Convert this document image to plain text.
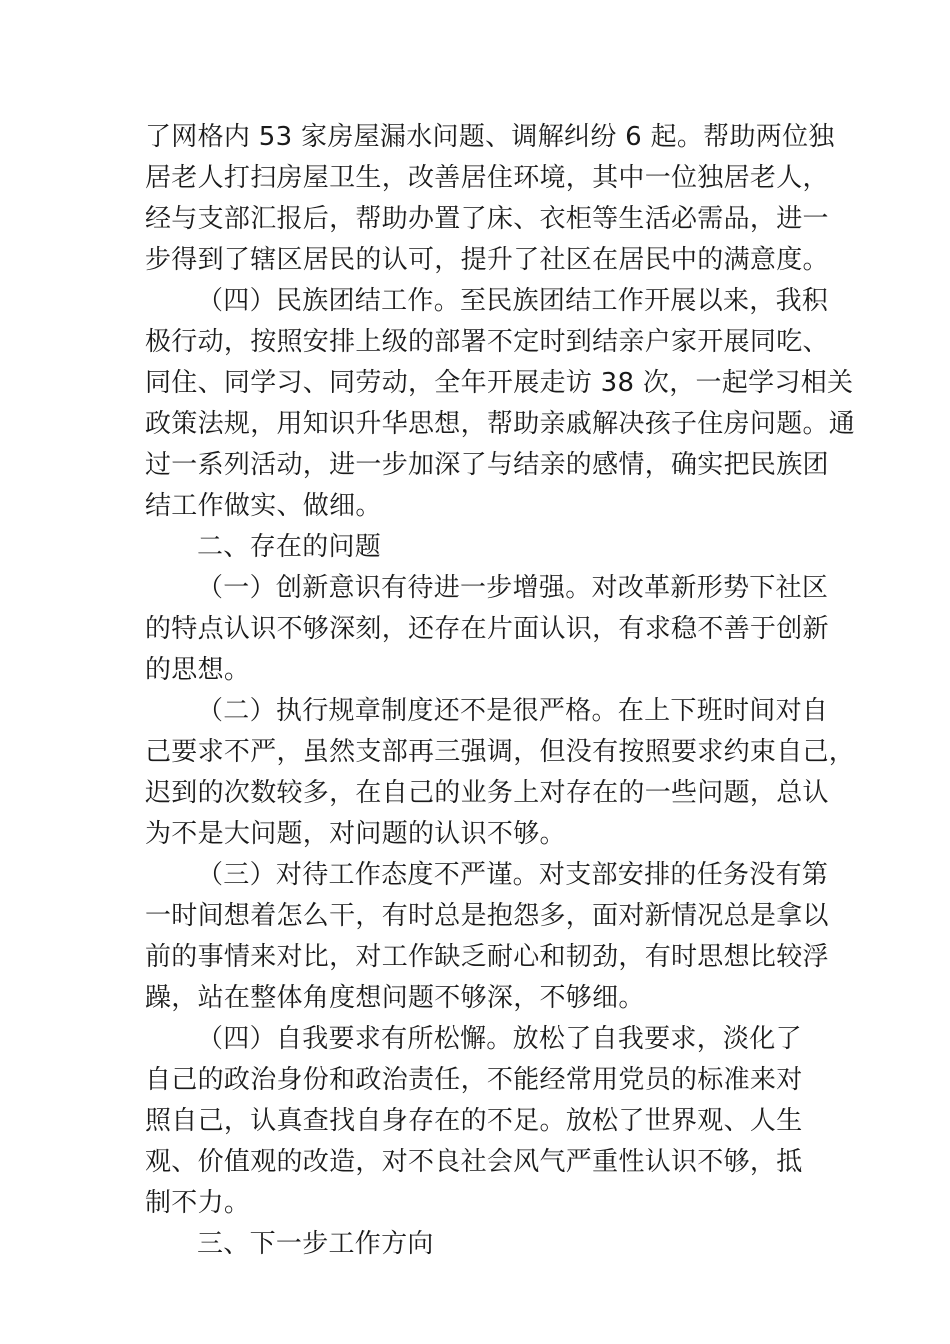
了网格内 53 家房屋漏水问题、调解纠纷 6 起。帮助两位独
居老人打扫房屋卫生，改善居住环境，其中一位独居老人，
经与支部汇报后，帮助办置了床、衣柜等生活必需品，进一
步得到了辖区居民的认可，提升了社区在居民中的满意度。
（四）民族团结工作。至民族团结工作开展以来，我积
极行动，按照安排上级的部署不定时到结亲户家开展同吃、
同住、同学习、同劳动，全年开展走访 38 次，一起学习相关
政策法规，用知识升华思想，帮助亲戚解决孩子住房问题。通
过一系列活动，进一步加深了与结亲的感情，确实把民族团
结工作做实、做细。
二、存在的问题
（一）创新意识有待进一步增强。对改革新形势下社区
的特点认识不够深刻，还存在片面认识，有求稳不善于创新
的思想。
（二）执行规章制度还不是很严格。在上下班时间对自
己要求不严，虽然支部再三强调，但没有按照要求约束自己，
迟到的次数较多，在自己的业务上对存在的一些问题，总认
为不是大问题，对问题的认识不够。
（三）对待工作态度不严谨。对支部安排的任务没有第
一时间想着怎么干，有时总是抱怨多，面对新情况总是拿以
前的事情来对比，对工作缺乏耐心和韧劲，有时思想比较浮
躁，站在整体角度想问题不够深，不够细。
（四）自我要求有所松懈。放松了自我要求，淡化了
自己的政治身份和政治责任，不能经常用党员的标准来对
照自己，认真查找自身存在的不足。放松了世界观、人生
观、价值观的改造，对不良社会风气严重性认识不够，抵
制不力。
三、下一步工作方向
